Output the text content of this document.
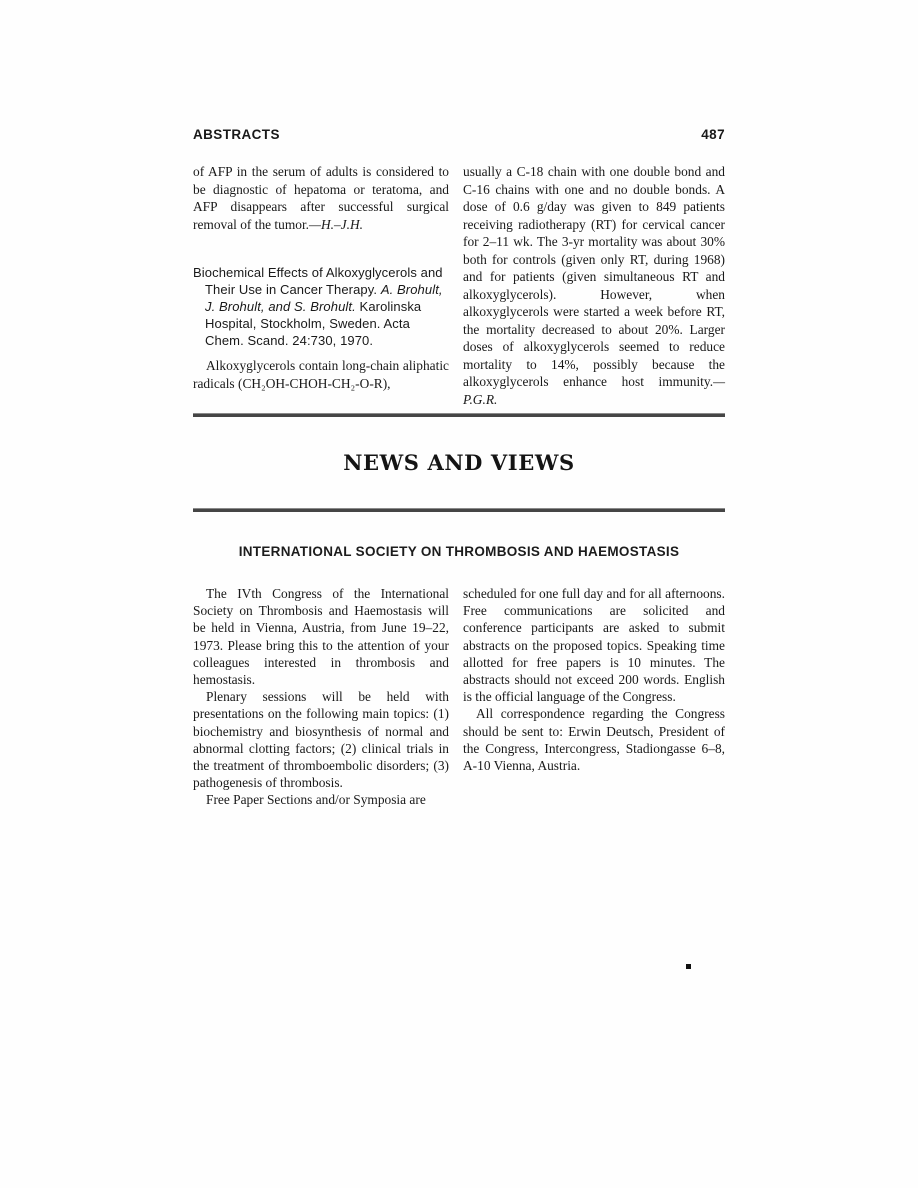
ABSTRACTS	487

of AFP in the serum of adults is considered to be diagnostic of hepatoma or teratoma, and AFP disappears after successful surgical removal of the tumor.—H.–J.H.

Biochemical Effects of Alkoxyglycerols and Their Use in Cancer Therapy. A. Brohult, J. Brohult, and S. Brohult. Karolinska Hospital, Stockholm, Sweden. Acta Chem. Scand. 24:730, 1970.

Alkoxyglycerols contain long-chain aliphatic radicals (CH₂OH-CHOH-CH₂-O-R),

usually a C-18 chain with one double bond and C-16 chains with one and no double bonds. A dose of 0.6 g/day was given to 849 patients receiving radiotherapy (RT) for cervical cancer for 2–11 wk. The 3-yr mortality was about 30% both for controls (given only RT, during 1968) and for patients (given simultaneous RT and alkoxyglycerols). However, when alkoxyglycerols were started a week before RT, the mortality decreased to about 20%. Larger doses of alkoxyglycerols seemed to reduce mortality to 14%, possibly because the alkoxyglycerols enhance host immunity.—P.G.R.

NEWS AND VIEWS
INTERNATIONAL SOCIETY ON THROMBOSIS AND HAEMOSTASIS

The IVth Congress of the International Society on Thrombosis and Haemostasis will be held in Vienna, Austria, from June 19–22, 1973. Please bring this to the attention of your colleagues interested in thrombosis and hemostasis.

Plenary sessions will be held with presentations on the following main topics: (1) biochemistry and biosynthesis of normal and abnormal clotting factors; (2) clinical trials in the treatment of thromboembolic disorders; (3) pathogenesis of thrombosis.

Free Paper Sections and/or Symposia are

scheduled for one full day and for all afternoons. Free communications are solicited and conference participants are asked to submit abstracts on the proposed topics. Speaking time allotted for free papers is 10 minutes. The abstracts should not exceed 200 words. English is the official language of the Congress.

All correspondence regarding the Congress should be sent to: Erwin Deutsch, President of the Congress, Intercongress, Stadiongasse 6–8, A-10 Vienna, Austria.
